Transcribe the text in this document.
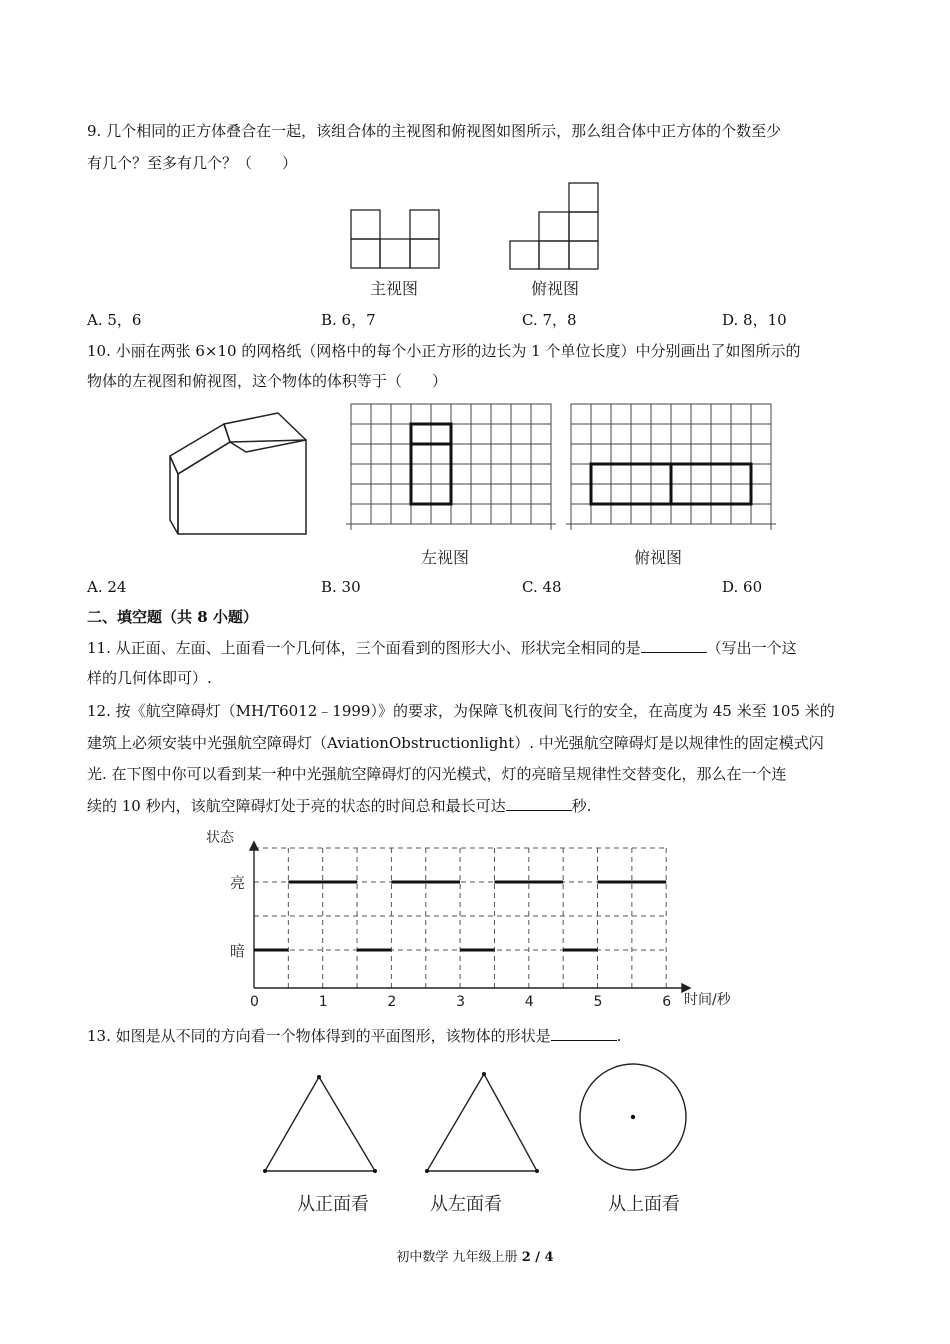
9. 几个相同的正方体叠合在一起，该组合体的主视图和俯视图如图所示，那么组合体中正方体的个数至少
有几个？至多有几个？（　　）
主视图	俯视图
A. 5，6	B. 6，7	C. 7，8	D. 8，10
10. 小丽在两张 6×10 的网格纸（网格中的每个小正方形的边长为 1 个单位长度）中分别画出了如图所示的
物体的左视图和俯视图，这个物体的体积等于（　　）
左视图	俯视图
A. 24	B. 30	C. 48	D. 60
二、填空题（共 8 小题）
11. 从正面、左面、上面看一个几何体，三个面看到的图形大小、形状完全相同的是	（写出一个这
样的几何体即可）.
12. 按《航空障碍灯（MH/T6012﹣1999）》的要求，为保障飞机夜间飞行的安全，在高度为 45 米至 105 米的
建筑上必须安装中光强航空障碍灯（AviationObstructionlight）. 中光强航空障碍灯是以规律性的固定模式闪
光. 在下图中你可以看到某一种中光强航空障碍灯的闪光模式，灯的亮暗呈规律性交替变化，那么在一个连
续的 10 秒内，该航空障碍灯处于亮的状态的时间总和最长可达	秒.
状态
时间/秒
暗
亮
0	1	2	3	4	5	6
13. 如图是从不同的方向看一个物体得到的平面图形，该物体的形状是	.
从正面看	从左面看	从上面看
初中数学 九年级上册 2 / 4
